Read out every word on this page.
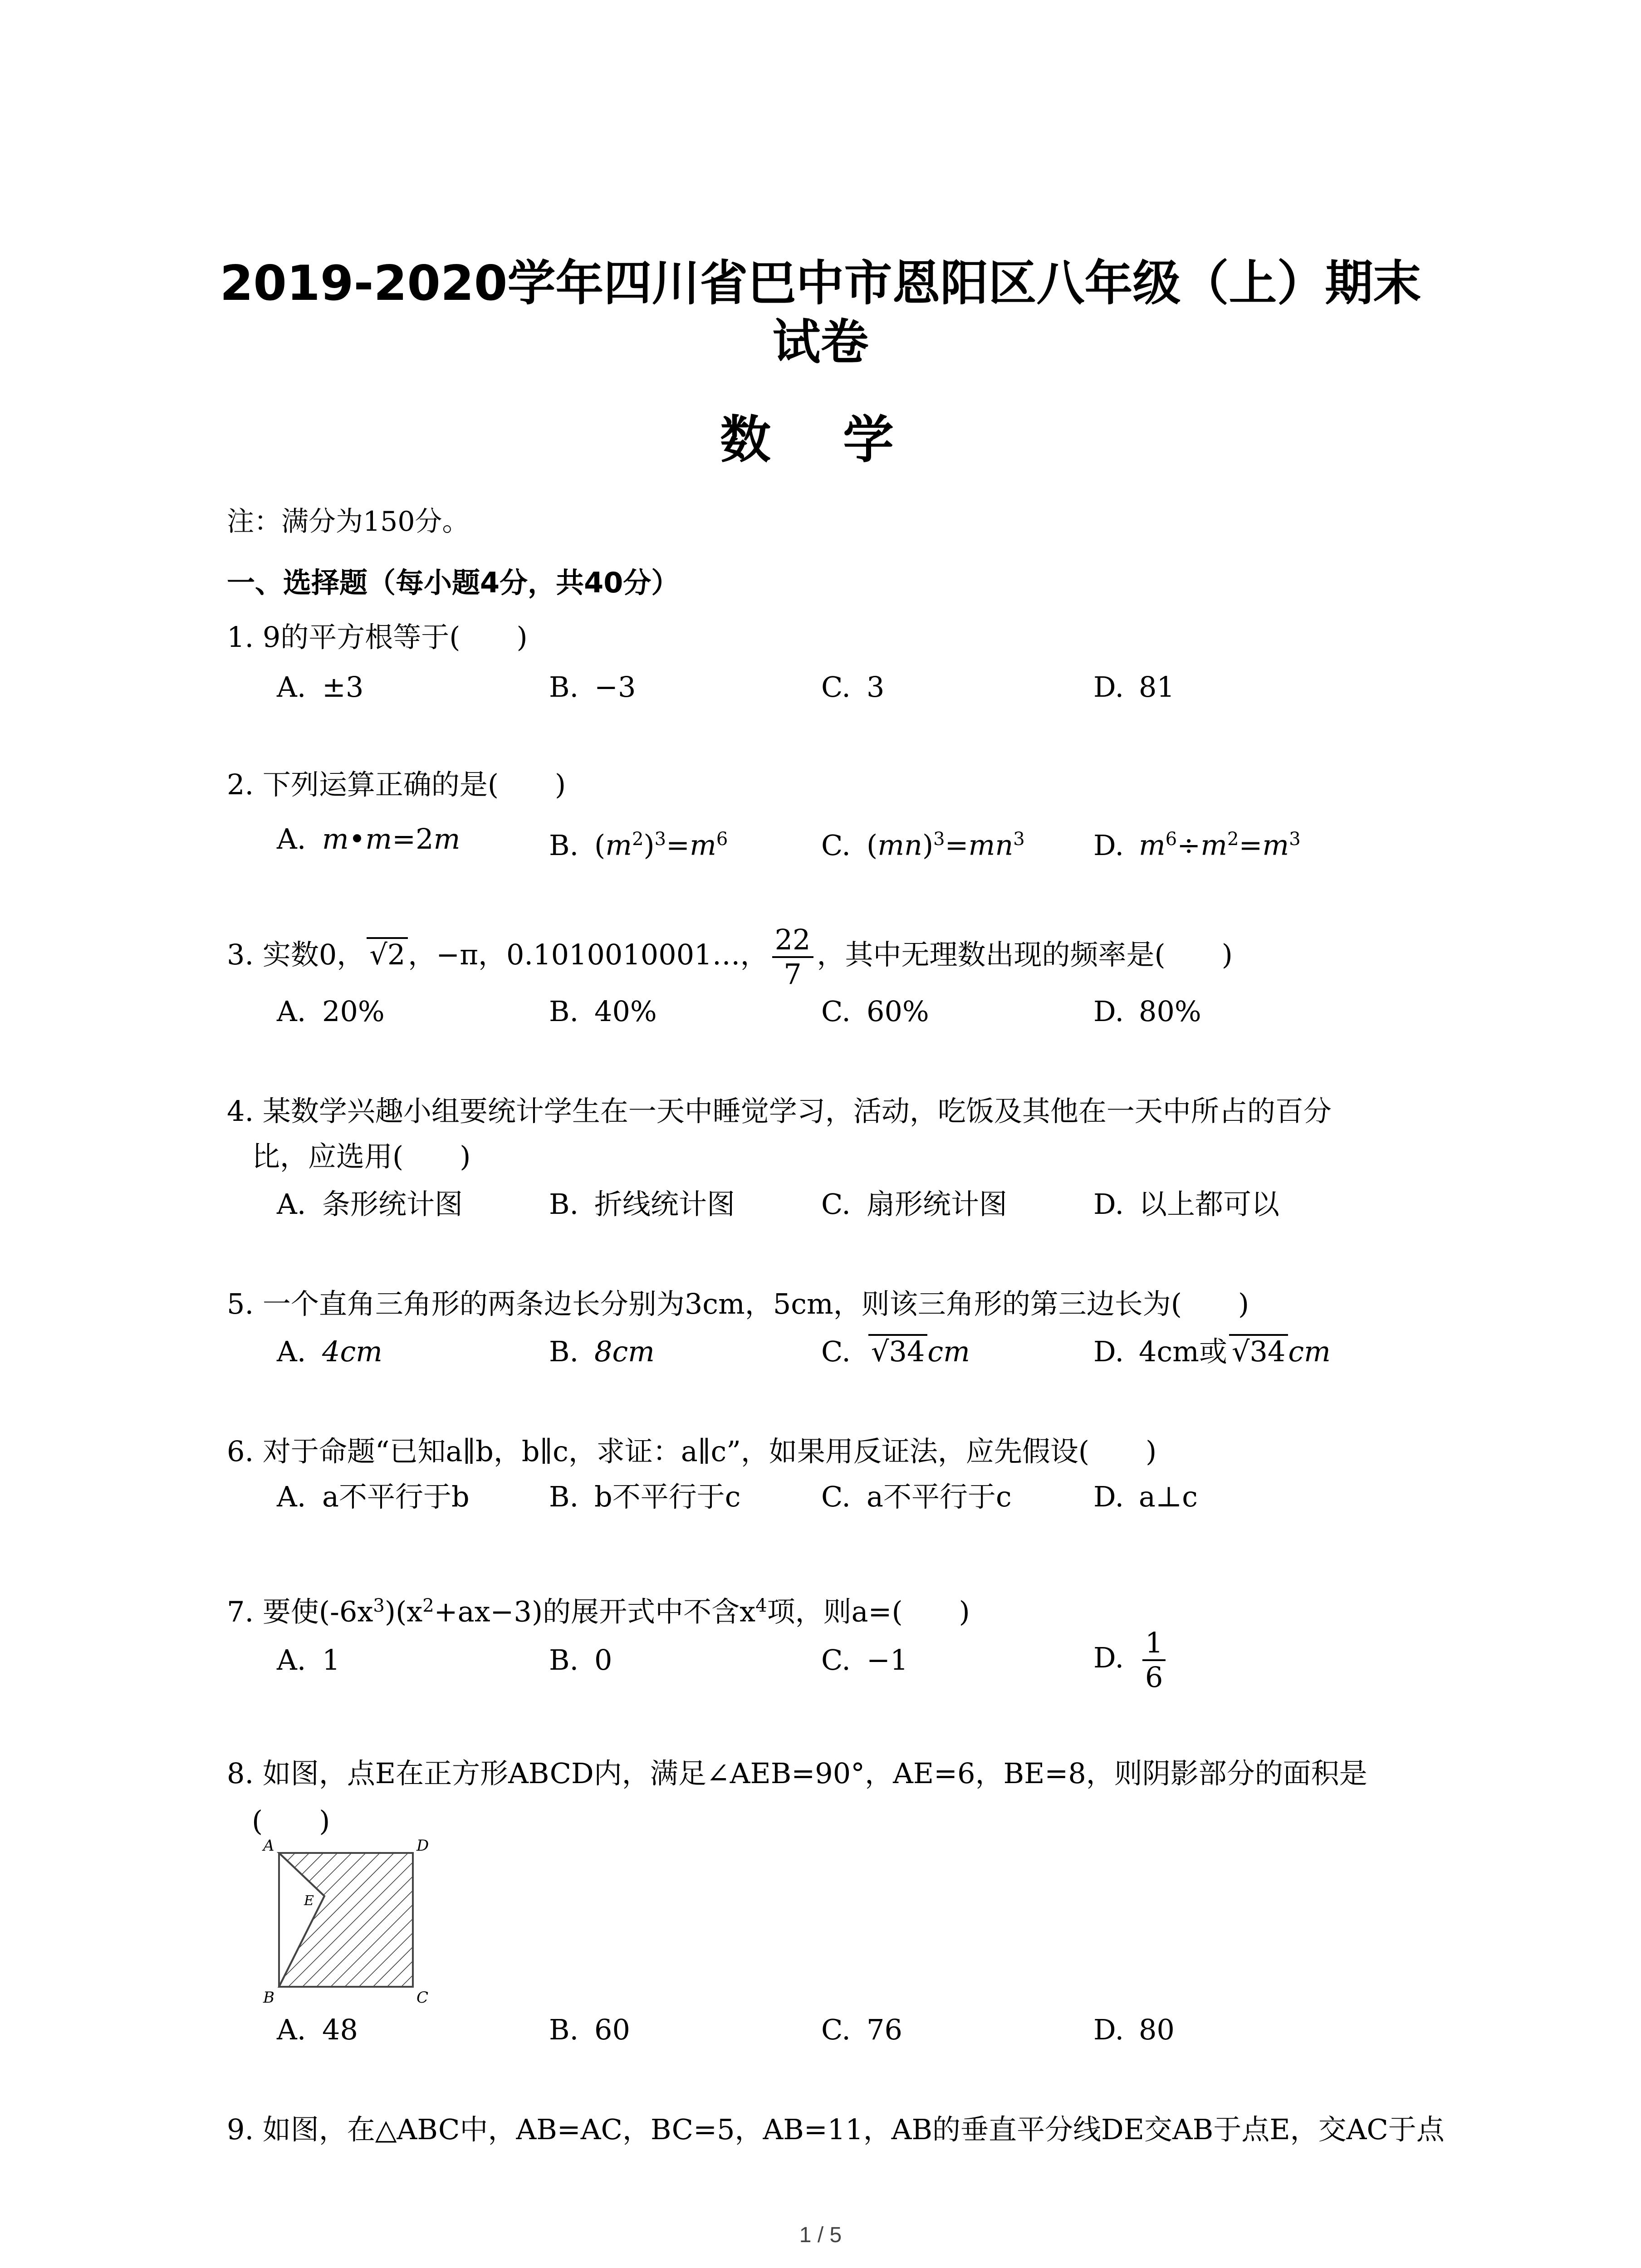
2019-2020学年四川省巴中市恩阳区八年级（上）期末
试卷
数 学
注：满分为150分。
一、选择题（每小题4分，共40分）
1. 9的平方根等于(　　)
A. ±3	B. −3	C. 3	D. 81
2. 下列运算正确的是(　　)
A. m•m=2m	B. $(m^2)^3=m^6$	C. $(mn)^3=mn^3$ D. $m^6\div m^2=m^3$
3. 实数0， √2，−π，0.1010010001…， $\frac{22}{7}$ ，其中无理数出现的频率是(　　)
A. 20%	B. 40%	C. 60%	D. 80%
4. 某数学兴趣小组要统计学生在一天中睡觉学习，活动，吃饭及其他在一天中所占的百分
比，应选用(　　)
A. 条形统计图	B. 折线统计图	C. 扇形统计图	D. 以上都可以
5. 一个直角三角形的两条边长分别为3cm，5cm，则该三角形的第三边长为(　　)
A. 4cm	B. 8cm	C. √34cm	D. 4cm或 √34cm
6. 对于命题“已知a∥b，b∥c，求证：a∥c”，如果用反证法，应先假设(　　)
A. a不平行于b	B. b不平行于c	C. a不平行于c	D. a⊥c
7. 要使$(-6x^3)(x^2+ax-3)$的展开式中不含$x^4$项，则a=(　　)
A. 1	B. 0	C. −1	D. $\frac{1}{6}$
8. 如图，点E在正方形ABCD内，满足∠AEB=90°，AE=6，BE=8，则阴影部分的面积是
(　　)
A	D
E
B	C
A. 48	B. 60	C. 76	D. 80
9. 如图，在△ABC中，AB=AC，BC=5，AB=11，AB的垂直平分线DE交AB于点E，交AC于点
1 / 5
